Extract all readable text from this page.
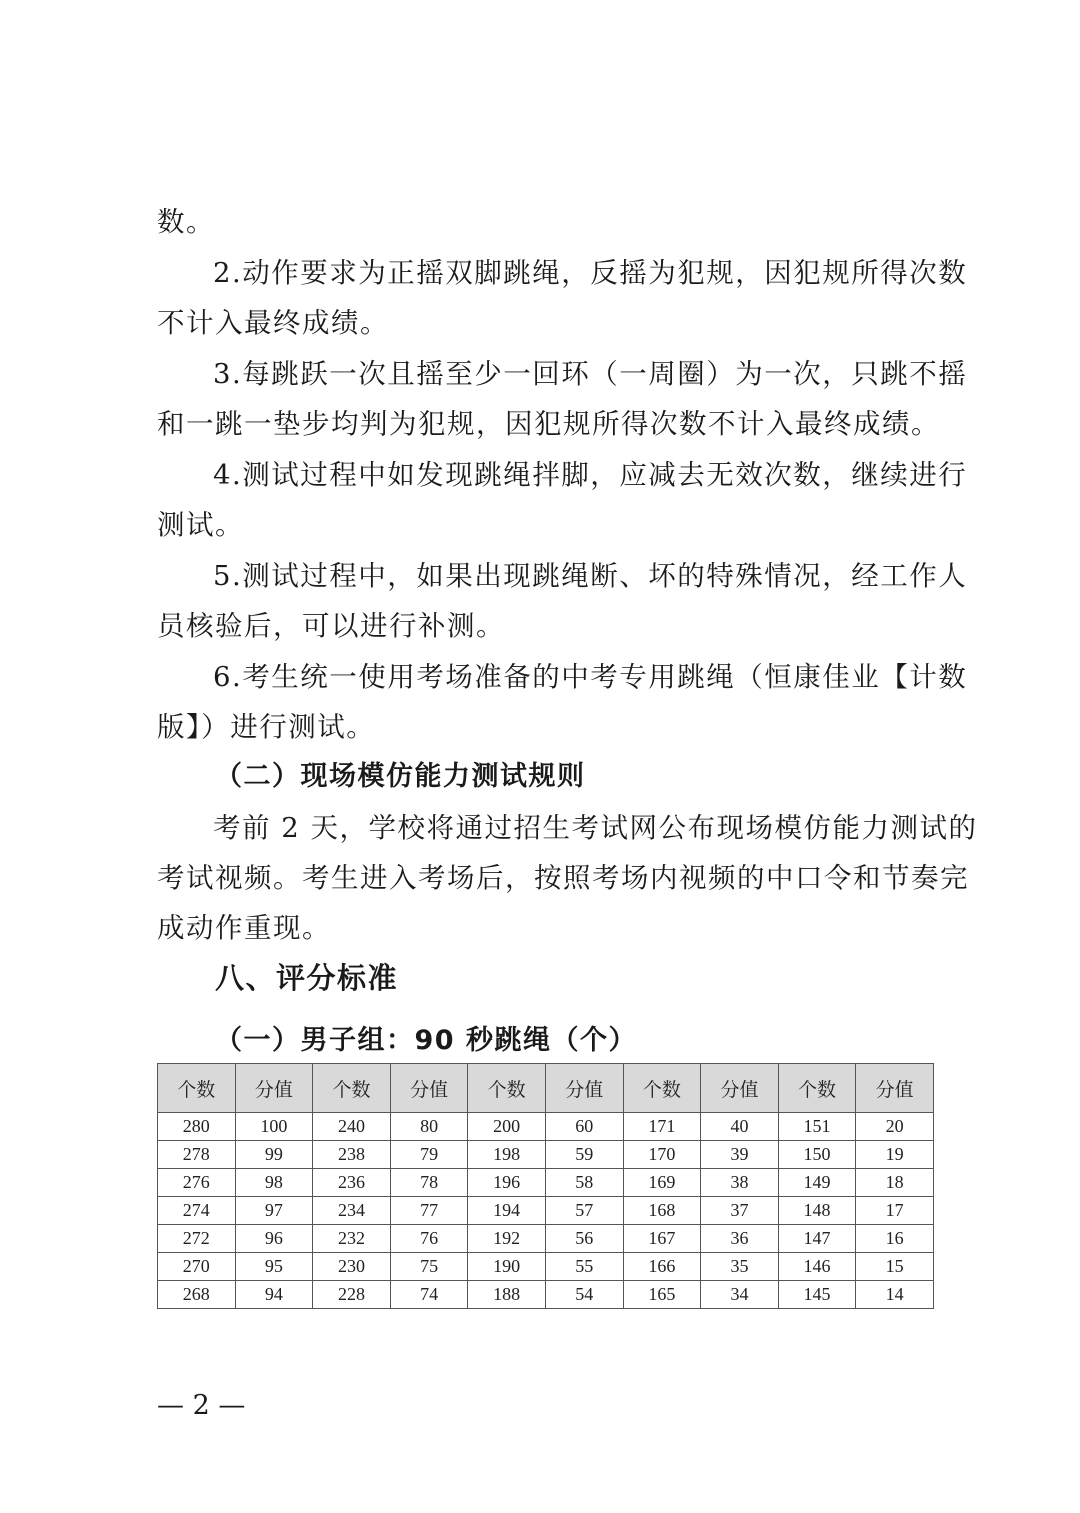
数。
2.动作要求为正摇双脚跳绳，反摇为犯规，因犯规所得次数
不计入最终成绩。
3.每跳跃一次且摇至少一回环（一周圈）为一次，只跳不摇
和一跳一垫步均判为犯规，因犯规所得次数不计入最终成绩。
4.测试过程中如发现跳绳拌脚，应减去无效次数，继续进行
测试。
5.测试过程中，如果出现跳绳断、坏的特殊情况，经工作人
员核验后，可以进行补测。
6.考生统一使用考场准备的中考专用跳绳（恒康佳业【计数
版】）进行测试。
（二）现场模仿能力测试规则
考前 2 天，学校将通过招生考试网公布现场模仿能力测试的
考试视频。考生进入考场后，按照考场内视频的中口令和节奏完
成动作重现。
八、评分标准
（一）男子组：90 秒跳绳（个）
个数	分值	个数	分值	个数	分值	个数	分值	个数	分值
280	100	240	80	200	60	171	40	151	20
278	99	238	79	198	59	170	39	150	19
276	98	236	78	196	58	169	38	149	18
274	97	234	77	194	57	168	37	148	17
272	96	232	76	192	56	167	36	147	16
270	95	230	75	190	55	166	35	146	15
268	94	228	74	188	54	165	34	145	14
— 2 —
